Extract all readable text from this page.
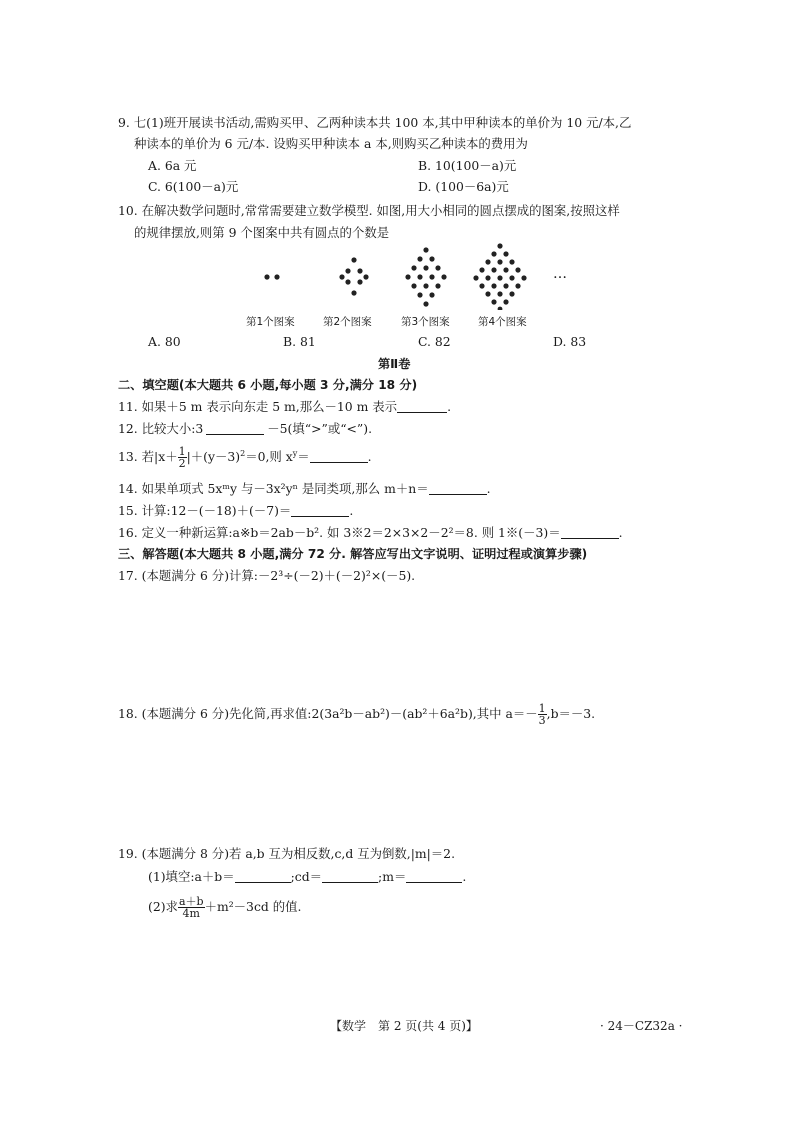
9. 七(1)班开展读书活动,需购买甲、乙两种读本共 100 本,其中甲种读本的单价为 10 元/本,乙
种读本的单价为 6 元/本. 设购买甲种读本 a 本,则购买乙种读本的费用为
A. 6a 元	B. 10(100－a)元
C. 6(100－a)元	D. (100－6a)元
10. 在解决数学问题时,常常需要建立数学模型. 如图,用大小相同的圆点摆成的图案,按照这样
的规律摆放,则第 9 个图案中共有圆点的个数是
…
第1个图案	第2个图案	第3个图案	第4个图案
A. 80	B. 81	C. 82	D. 83
第Ⅱ卷
二、填空题(本大题共 6 小题,每小题 3 分,满分 18 分)
11. 如果＋5 m 表示向东走 5 m,那么－10 m 表示	.
12. 比较大小:3	－5(填“>”或“<”).
13. 若$|x+ \frac{1}{2} |+(y-3)^2=0$,则 $x^y=$	.
14. 如果单项式 5xᵐy 与－3x²yⁿ 是同类项,那么 m＋n＝	.
15. 计算:12－(－18)＋(－7)＝	.
16. 定义一种新运算:a※b＝2ab－b². 如 3※2＝2×3×2－2²＝8. 则 1※(－3)＝	.
三、解答题(本大题共 8 小题,满分 72 分. 解答应写出文字说明、证明过程或演算步骤)
17. (本题满分 6 分)计算:－2³÷(－2)＋(－2)²×(－5).
18. (本题满分 6 分)先化简,再求值:2(3a²b－ab²)－(ab²＋6a²b),其中 $a=- \frac{1}{3} ,b=-3$.
19. (本题满分 8 分)若 a,b 互为相反数,c,d 互为倒数,|m|＝2.
(1)填空:a＋b＝	;cd＝	;m＝	.
(2)求 $\frac{a+b}{4m} +m^2-3cd$ 的值.
【数学　第 2 页(共 4 页)】	· 24－CZ32a ·
